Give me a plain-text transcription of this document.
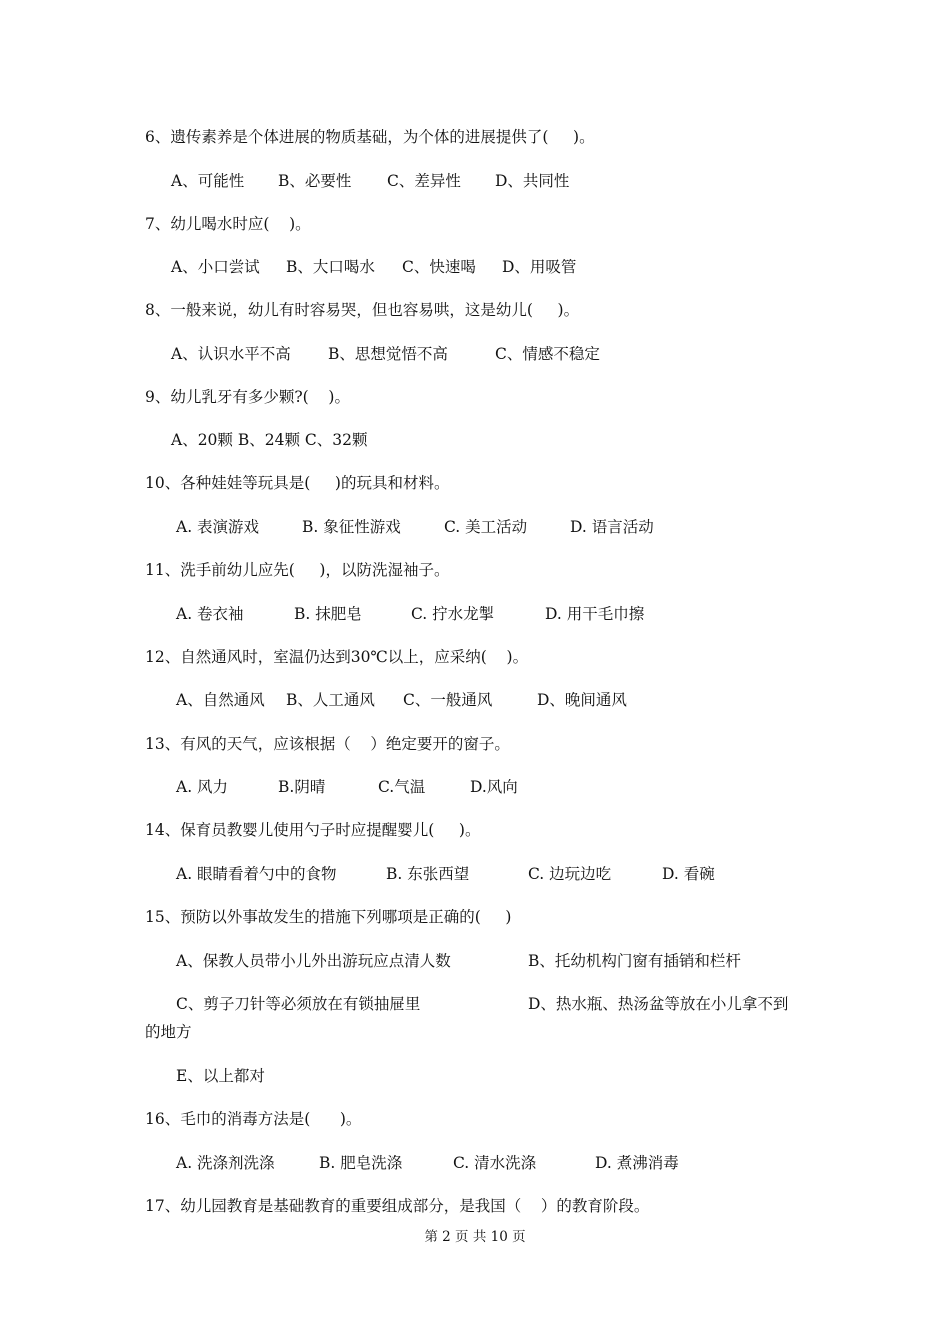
6、遗传素养是个体进展的物质基础，为个体的进展提供了(     )。

A、可能性

B、必要性

C、差异性

D、共同性

7、幼儿喝水时应(    )。

A、小口尝试

B、大口喝水

C、快速喝

D、用吸管

8、一般来说，幼儿有时容易哭，但也容易哄，这是幼儿(     )。

A、认识水平不高

B、思想觉悟不高

	C、情感不稳定

9、幼儿乳牙有多少颗?(    )。

A、20颗 B、24颗 C、32颗

10、各种娃娃等玩具是(     )的玩具和材料。

A. 表演游戏

	B. 象征性游戏

	C. 美工活动

	D. 语言活动

11、洗手前幼儿应先(     )，以防洗湿袖子。

A. 卷衣袖

	B. 抹肥皂

	C. 拧水龙掣

	D. 用干毛巾擦

12、自然通风时，室温仍达到30℃以上，应采纳(    )。

A、自然通风

B、人工通风

C、一般通风

	D、晚间通风

13、有风的天气，应该根据（    ）绝定要开的窗子。

A. 风力

	B.阴晴

	C.气温

	D.风向

14、保育员教婴儿使用勺子时应提醒婴儿(     )。

A. 眼睛看着勺中的食物

	B. 东张西望

	C. 边玩边吃

	D. 看碗

15、预防以外事故发生的措施下列哪项是正确的(     )

A、保教人员带小儿外出游玩应点清人数

	B、托幼机构门窗有插销和栏杆

C、剪子刀针等必须放在有锁抽屉里

	D、热水瓶、热汤盆等放在小儿拿不到

的地方

E、以上都对

16、毛巾的消毒方法是(      )。

A. 洗涤剂洗涤

	B. 肥皂洗涤

	C. 清水洗涤

	D. 煮沸消毒

17、幼儿园教育是基础教育的重要组成部分，是我国（    ）的教育阶段。
第 2 页 共 10 页
